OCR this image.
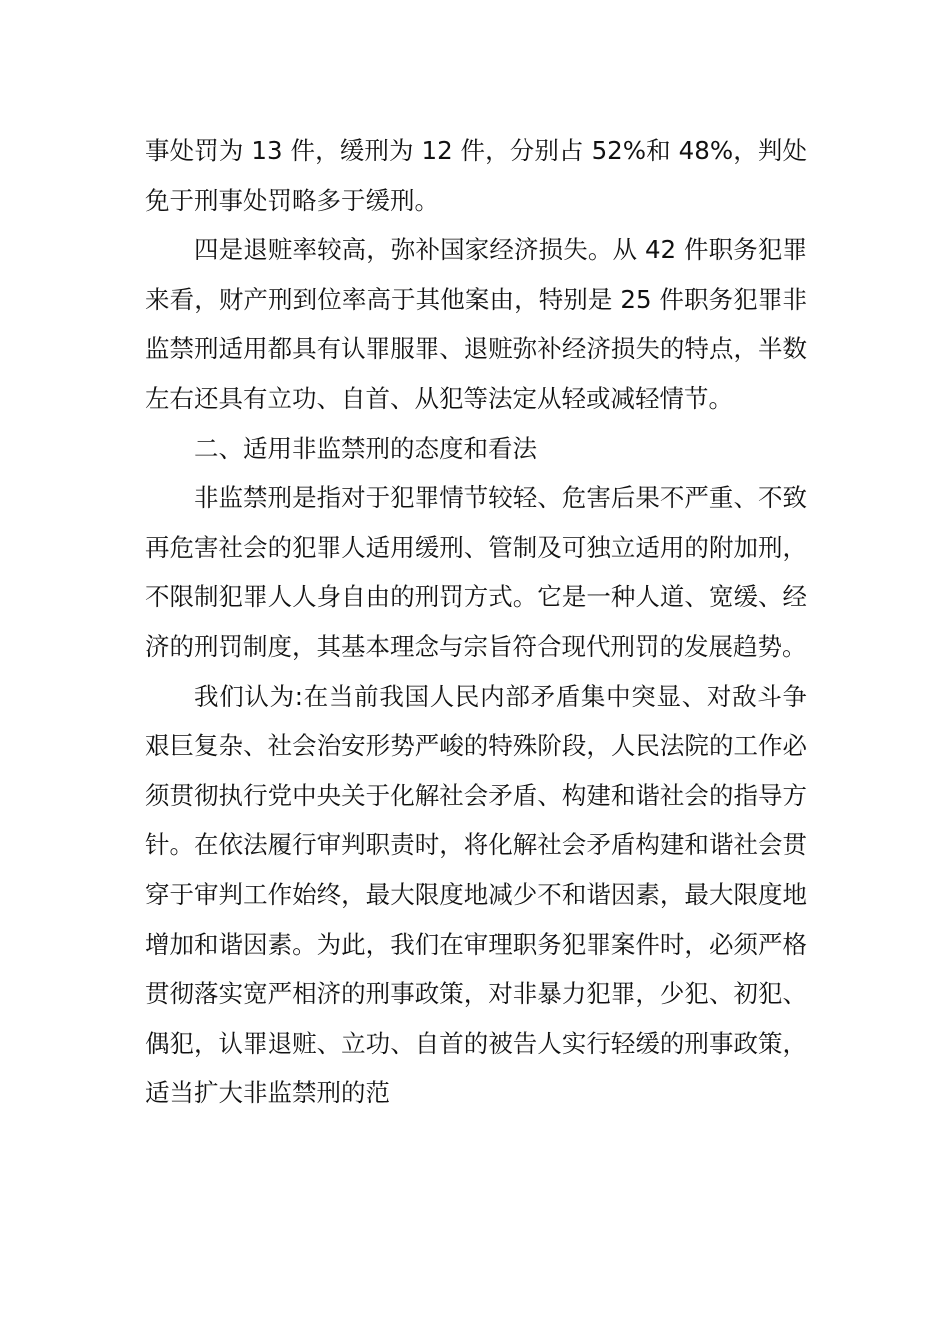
事处罚为 13 件，缓刑为 12 件，分别占 52%和 48%，判处免于刑事处罚略多于缓刑。

四是退赃率较高，弥补国家经济损失。从 42 件职务犯罪来看，财产刑到位率高于其他案由，特别是 25 件职务犯罪非监禁刑适用都具有认罪服罪、退赃弥补经济损失的特点，半数左右还具有立功、自首、从犯等法定从轻或减轻情节。

二、适用非监禁刑的态度和看法

非监禁刑是指对于犯罪情节较轻、危害后果不严重、不致再危害社会的犯罪人适用缓刑、管制及可独立适用的附加刑，不限制犯罪人人身自由的刑罚方式。它是一种人道、宽缓、经济的刑罚制度，其基本理念与宗旨符合现代刑罚的发展趋势。

我们认为:在当前我国人民内部矛盾集中突显、对敌斗争艰巨复杂、社会治安形势严峻的特殊阶段，人民法院的工作必须贯彻执行党中央关于化解社会矛盾、构建和谐社会的指导方针。在依法履行审判职责时，将化解社会矛盾构建和谐社会贯穿于审判工作始终，最大限度地减少不和谐因素，最大限度地增加和谐因素。为此，我们在审理职务犯罪案件时，必须严格贯彻落实宽严相济的刑事政策，对非暴力犯罪，少犯、初犯、偶犯，认罪退赃、立功、自首的被告人实行轻缓的刑事政策，适当扩大非监禁刑的范
